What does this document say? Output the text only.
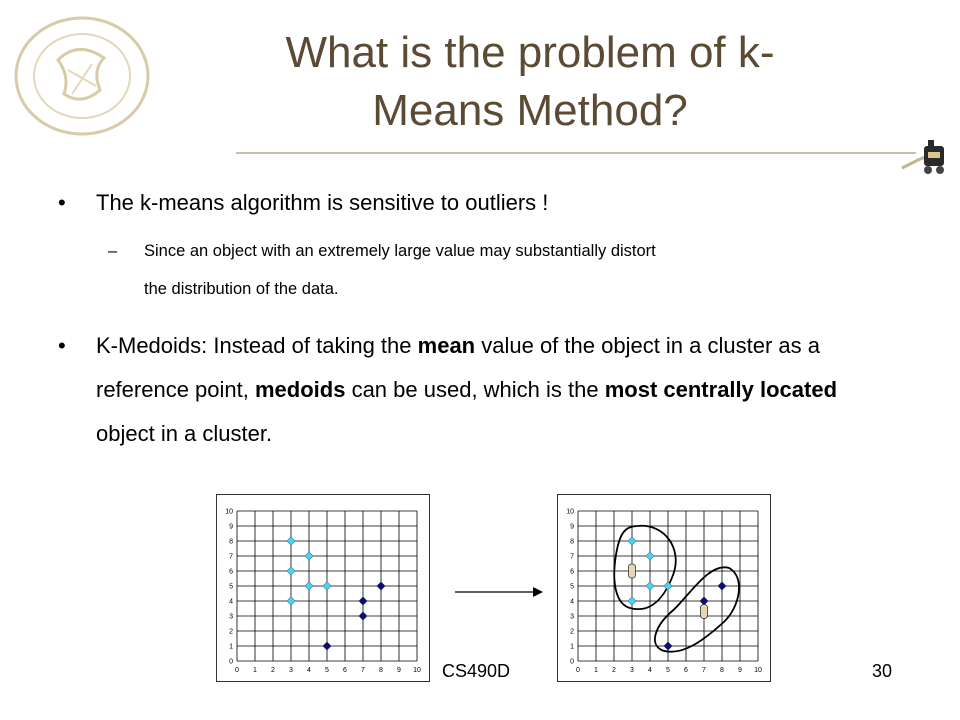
What is the problem of k-
Means Method?
•	The k-means algorithm is sensitive to outliers !
–	Since an object with an extremely large value may substantially distort
the distribution of the data.
•	K-Medoids: Instead of taking the mean value of the object in a cluster as a reference point, medoids can be used, which is the most centrally located object in a cluster.
0 1 2 3 4 5 6 7 8 9 10
0
1
2
3
4
5
6
7
8
9
10
0 1 2 3 4 5 6 7 8 9 10
0
1
2
3
4
5
6
7
8
9
10
CS490D	30
